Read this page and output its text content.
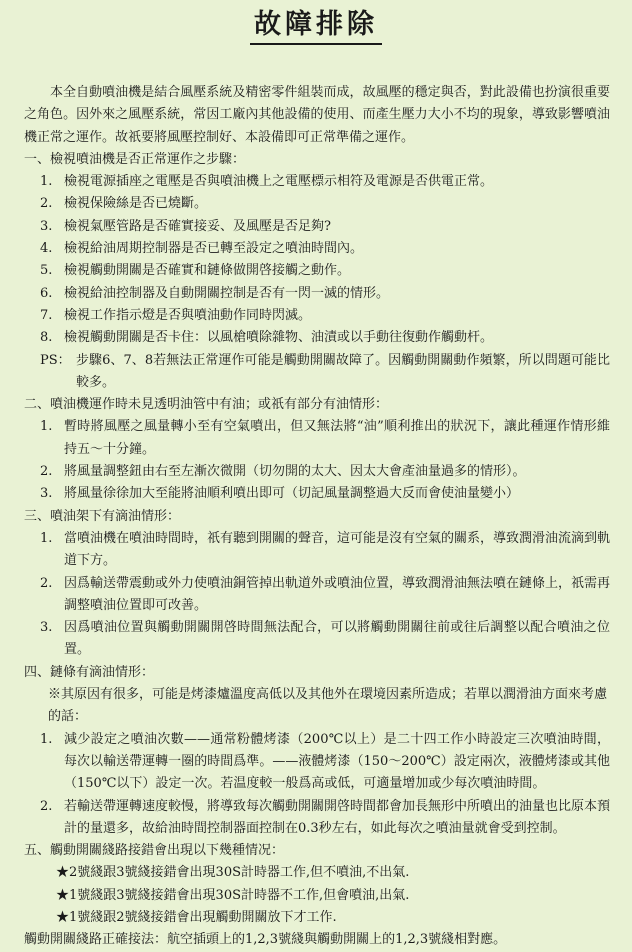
故障排除

本全自動噴油機是結合風壓系統及精密零件組裝而成，故風壓的穩定與否，對此設備也扮演很重要之角色。因外來之風壓系統，常因工廠內其他設備的使用、而產生壓力大小不均的現象，導致影響噴油機正常之運作。故祇要將風壓控制好、本設備即可正常準備之運作。

一、檢視噴油機是否正常運作之步驟：

1. 檢視電源插座之電壓是否與噴油機上之電壓標示相符及電源是否供電正常。
2. 檢視保險絲是否已燒斷。
3. 檢視氣壓管路是否確實接妥、及風壓是否足夠?
4. 檢視給油周期控制器是否已轉至設定之噴油時間內。
5. 檢視觸動開關是否確實和鏈條做開啓接觸之動作。
6. 檢視給油控制器及自動開關控制是否有一閃一滅的情形。
7. 檢視工作指示燈是否與噴油動作同時閃滅。
8. 檢視觸動開關是否卡住：以風槍噴除雜物、油漬或以手動往復動作觸動杆。
PS： 步驟6、7、8若無法正常運作可能是觸動開關故障了。因觸動開關動作頻繁，所以問題可能比較多。

二、噴油機運作時未見透明油管中有油；或祇有部分有油情形：

1. 暫時將風壓之風量轉小至有空氣噴出，但又無法將“油”順利推出的狀況下，讓此種運作情形維持五～十分鐘。
2. 將風量調整鈕由右至左漸次微開（切勿開的太大、因太大會產油量過多的情形）。
3. 將風量徐徐加大至能將油順利噴出即可（切記風量調整過大反而會使油量變小）

三、噴油架下有滴油情形：

1. 當噴油機在噴油時間時，祇有聽到開關的聲音，這可能是沒有空氣的關系，導致潤滑油流滴到軌道下方。
2. 因爲輸送帶震動或外力使噴油銅管掉出軌道外或噴油位置，導致潤滑油無法噴在鏈條上，祇需再調整噴油位置即可改善。
3. 因爲噴油位置與觸動開關開啓時間無法配合，可以將觸動開關往前或往后調整以配合噴油之位置。

四、鏈條有滴油情形：

※其原因有很多，可能是烤漆爐溫度高低以及其他外在環境因素所造成；若單以潤滑油方面來考慮的話：

1. 減少設定之噴油次數——通常粉體烤漆（200℃以上）是二十四工作小時設定三次噴油時間，每次以輸送帶運轉一圈的時間爲準。——液體烤漆（150～200℃）設定兩次，液體烤漆或其他（150℃以下）設定一次。若温度較一般爲高或低，可適量增加或少每次噴油時間。
2. 若輸送帶運轉速度較慢，將導致每次觸動開關開啓時間都會加長無形中所噴出的油量也比原本預計的量還多，故給油時間控制器面控制在0.3秒左右，如此每次之噴油量就會受到控制。

五、觸動開關綫路接錯會出現以下幾種情况：

★2號綫跟3號綫接錯會出現30S計時器工作,但不噴油,不出氣.

★1號綫跟3號綫接錯會出現30S計時器不工作,但會噴油,出氣.

★1號綫跟2號綫接錯會出現觸動開關放下才工作.

觸動開關綫路正確接法：航空插頭上的1,2,3號綫與觸動開關上的1,2,3號綫相對應。
